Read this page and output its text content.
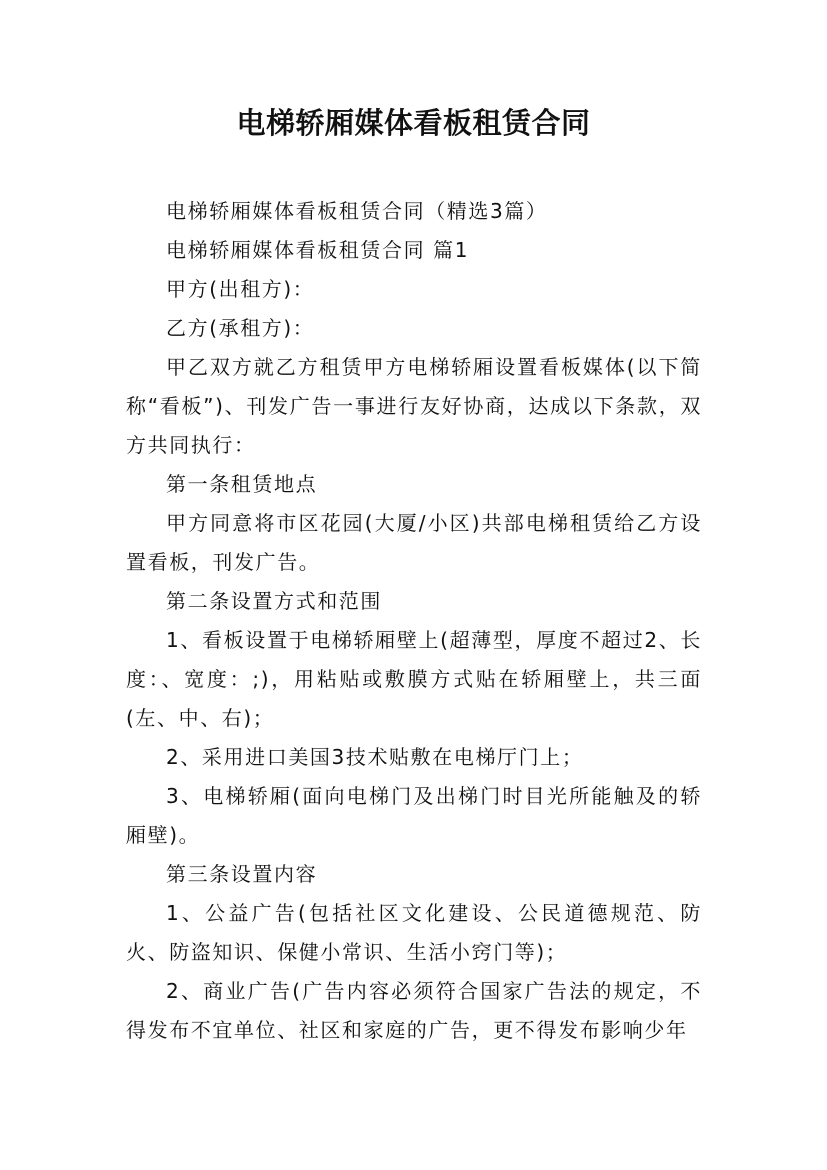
电梯轿厢媒体看板租赁合同

电梯轿厢媒体看板租赁合同（精选3篇）

电梯轿厢媒体看板租赁合同 篇1

甲方(出租方)：

乙方(承租方)：

甲乙双方就乙方租赁甲方电梯轿厢设置看板媒体(以下简称“看板”)、刊发广告一事进行友好协商，达成以下条款，双方共同执行：

第一条租赁地点

甲方同意将市区花园(大厦/小区)共部电梯租赁给乙方设置看板，刊发广告。

第二条设置方式和范围

1、看板设置于电梯轿厢壁上(超薄型，厚度不超过2、长度：、宽度：;)，用粘贴或敷膜方式贴在轿厢壁上，共三面(左、中、右)；

2、采用进口美国3技术贴敷在电梯厅门上；

3、电梯轿厢(面向电梯门及出梯门时目光所能触及的轿厢壁)。

第三条设置内容

1、公益广告(包括社区文化建设、公民道德规范、防火、防盗知识、保健小常识、生活小窍门等)；

2、商业广告(广告内容必须符合国家广告法的规定，不得发布不宜单位、社区和家庭的广告，更不得发布影响少年
